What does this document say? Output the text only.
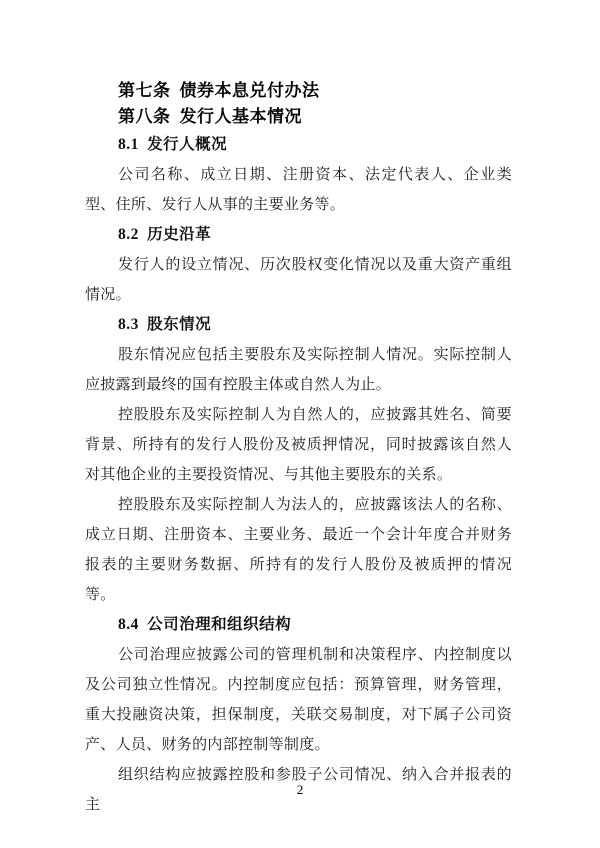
第七条 债券本息兑付办法

第八条 发行人基本情况

8.1 发行人概况

公司名称、成立日期、注册资本、法定代表人、企业类型、住所、发行人从事的主要业务等。

8.2 历史沿革

发行人的设立情况、历次股权变化情况以及重大资产重组情况。

8.3 股东情况

股东情况应包括主要股东及实际控制人情况。实际控制人应披露到最终的国有控股主体或自然人为止。

控股股东及实际控制人为自然人的，应披露其姓名、简要背景、所持有的发行人股份及被质押情况，同时披露该自然人对其他企业的主要投资情况、与其他主要股东的关系。

控股股东及实际控制人为法人的，应披露该法人的名称、成立日期、注册资本、主要业务、最近一个会计年度合并财务报表的主要财务数据、所持有的发行人股份及被质押的情况等。

8.4 公司治理和组织结构

公司治理应披露公司的管理机制和决策程序、内控制度以及公司独立性情况。内控制度应包括：预算管理，财务管理，重大投融资决策，担保制度，关联交易制度，对下属子公司资产、人员、财务的内部控制等制度。

组织结构应披露控股和参股子公司情况、纳入合并报表的主

2
